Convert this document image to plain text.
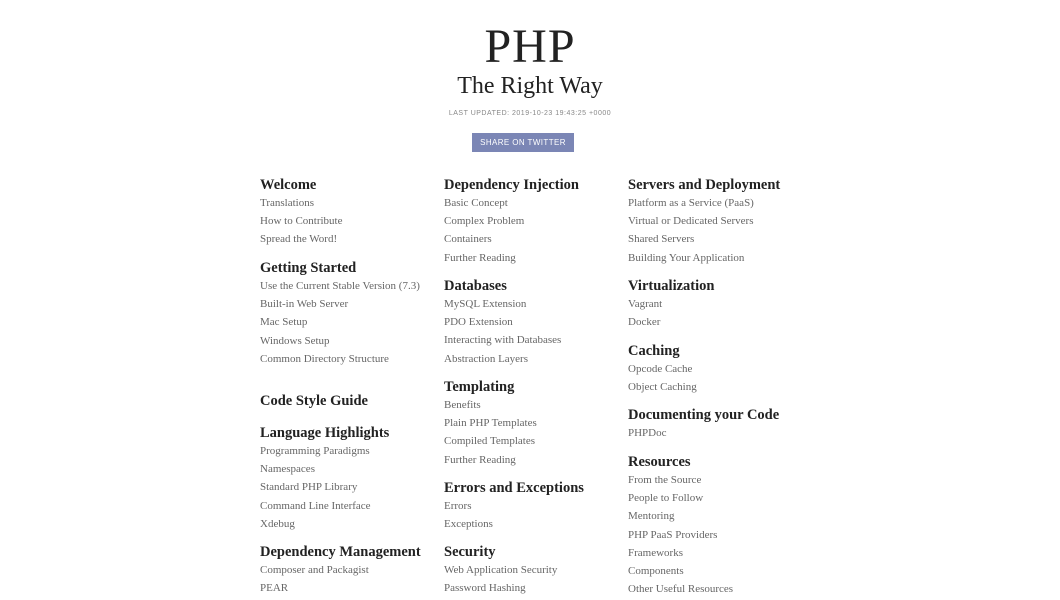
PHP
The Right Way
LAST UPDATED: 2019-10-23 19:43:25 +0000
SHARE ON TWITTER
Welcome
Translations
How to Contribute
Spread the Word!
Getting Started
Use the Current Stable Version (7.3)
Built-in Web Server
Mac Setup
Windows Setup
Common Directory Structure
Code Style Guide
Language Highlights
Programming Paradigms
Namespaces
Standard PHP Library
Command Line Interface
Xdebug
Dependency Management
Composer and Packagist
PEAR
Dependency Injection
Basic Concept
Complex Problem
Containers
Further Reading
Databases
MySQL Extension
PDO Extension
Interacting with Databases
Abstraction Layers
Templating
Benefits
Plain PHP Templates
Compiled Templates
Further Reading
Errors and Exceptions
Errors
Exceptions
Security
Web Application Security
Password Hashing
Servers and Deployment
Platform as a Service (PaaS)
Virtual or Dedicated Servers
Shared Servers
Building Your Application
Virtualization
Vagrant
Docker
Caching
Opcode Cache
Object Caching
Documenting your Code
PHPDoc
Resources
From the Source
People to Follow
Mentoring
PHP PaaS Providers
Frameworks
Components
Other Useful Resources
